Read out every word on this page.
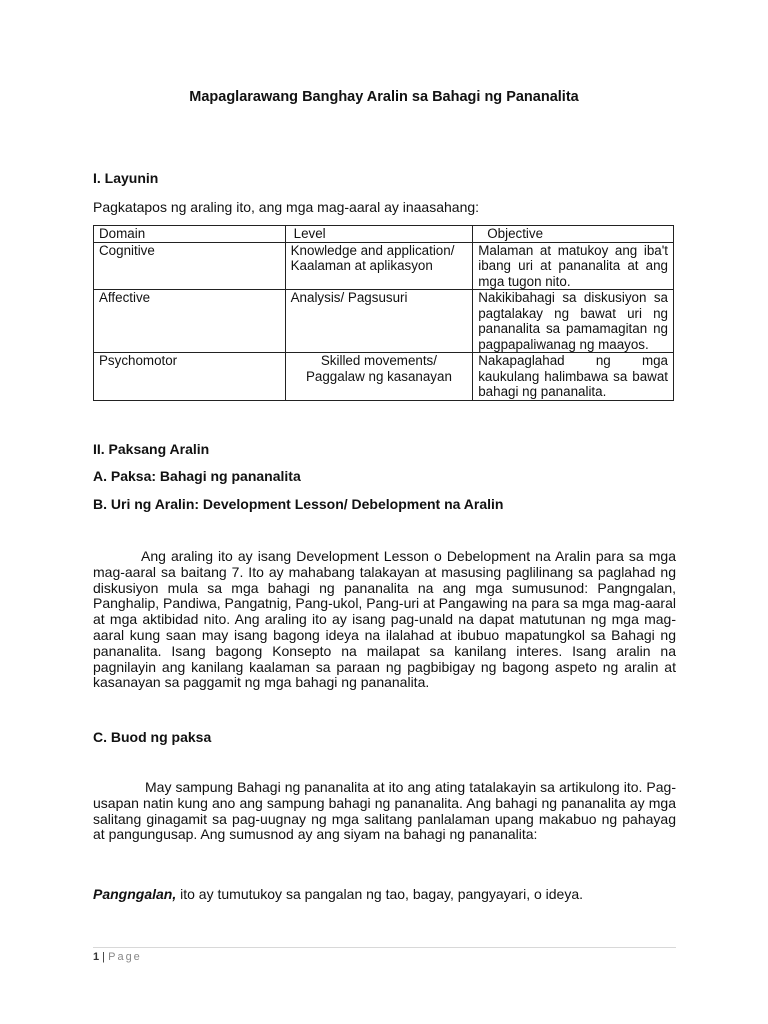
Mapaglarawang Banghay Aralin sa Bahagi ng Pananalita
I. Layunin
Pagkatapos ng araling ito, ang mga mag-aaral ay inaasahang:
Domain	Level	Objective
Cognitive	Knowledge and application/ Kaalaman at aplikasyon	Malaman at matukoy ang iba't ibang uri at pananalita at ang mga tugon nito.
Affective	Analysis/ Pagsusuri	Nakikibahagi sa diskusiyon sa pagtalakay ng bawat uri ng pananalita sa pamamagitan ng pagpapaliwanag ng maayos.
Psychomotor	Skilled movements/ Paggalaw ng kasanayan	Nakapaglahad ng mga kaukulang halimbawa sa bawat bahagi ng pananalita.
II. Paksang Aralin
A. Paksa: Bahagi ng pananalita
B. Uri ng Aralin: Development Lesson/ Debelopment na Aralin
Ang araling ito ay isang Development Lesson o Debelopment na Aralin para sa mga mag-aaral sa baitang 7. Ito ay mahabang talakayan at masusing paglilinang sa paglahad ng diskusiyon mula sa mga bahagi ng pananalita na ang mga sumusunod: Pangngalan, Panghalip, Pandiwa, Pangatnig, Pang-ukol, Pang-uri at Pangawing na para sa mga mag-aaral at mga aktibidad nito. Ang araling ito ay isang pag-unald na dapat matutunan ng mga mag-aaral kung saan may isang bagong ideya na ilalahad at ibubuo mapatungkol sa Bahagi ng pananalita. Isang bagong Konsepto na mailapat sa kanilang interes. Isang aralin na pagnilayin ang kanilang kaalaman sa paraan ng pagbibigay ng bagong aspeto ng aralin at kasanayan sa paggamit ng mga bahagi ng pananalita.
C. Buod ng paksa
May sampung Bahagi ng pananalita at ito ang ating tatalakayin sa artikulong ito. Pag-usapan natin kung ano ang sampung bahagi ng pananalita. Ang bahagi ng pananalita ay mga salitang ginagamit sa pag-uugnay ng mga salitang panlalaman upang makabuo ng pahayag at pangungusap. Ang sumusnod ay ang siyam na bahagi ng pananalita:
Pangngalan, ito ay tumutukoy sa pangalan ng tao, bagay, pangyayari, o ideya.
1 | Page
